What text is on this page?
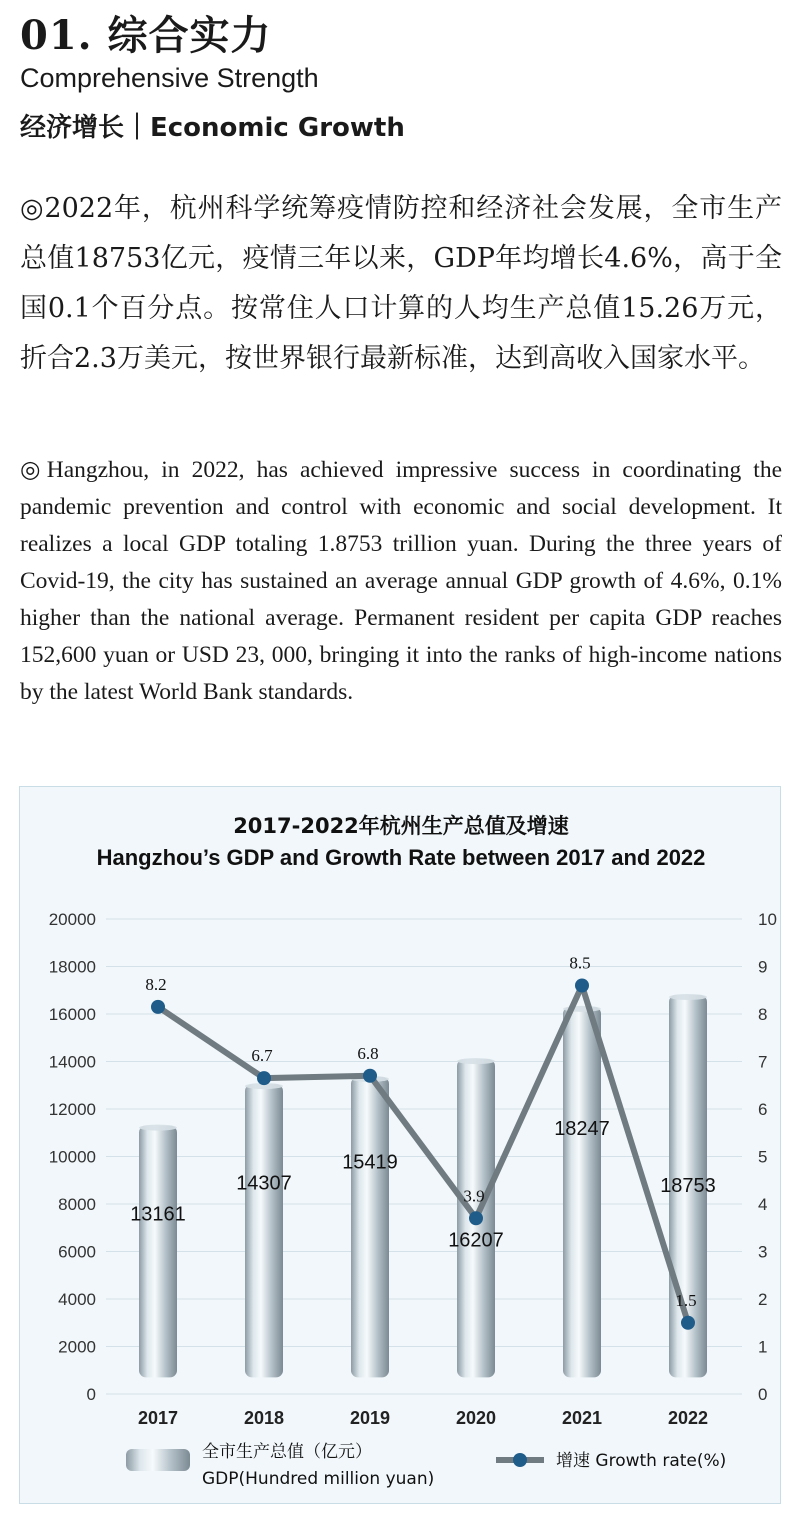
01. 综合实力
Comprehensive Strength
经济增长｜Economic Growth

◎2022年，杭州科学统筹疫情防控和经济社会发展，全市生产总值18753亿元，疫情三年以来，GDP年均增长4.6%，高于全国0.1个百分点。按常住人口计算的人均生产总值15.26万元，折合2.3万美元，按世界银行最新标准，达到高收入国家水平。

◎Hangzhou, in 2022, has achieved impressive success in coordinating the pandemic prevention and control with economic and social development. It realizes a local GDP totaling 1.8753 trillion yuan. During the three years of Covid-19, the city has sustained an average annual GDP growth of 4.6%, 0.1% higher than the national average. Permanent resident per capita GDP reaches 152,600 yuan or USD 23, 000, bringing it into the ranks of high-income nations by the latest World Bank standards.

2017-2022年杭州生产总值及增速
Hangzhou’s GDP and Growth Rate between 2017 and 2022
0
2000
4000
6000
8000
10000
12000
14000
16000
18000
20000
0
1
2
3
4
5
6
7
8
9
10
13161
14307
15419
16207
18247
18753
8.2
6.7	6.8
3.9
8.5
1.5
2017	2018	2019	2020	2021	2022
全市生产总值（亿元）
GDP(Hundred million yuan)
增速 Growth rate(%)
